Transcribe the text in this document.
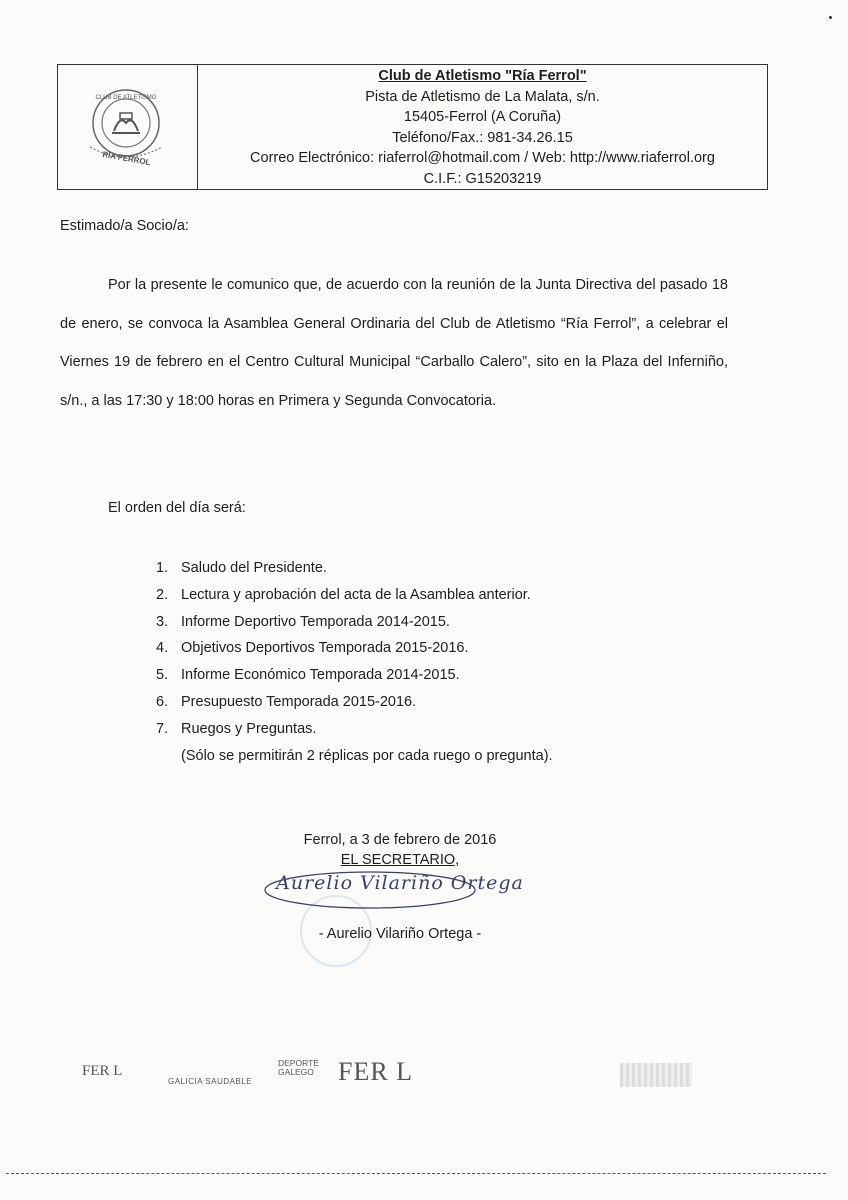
CLUB DE ATLETISMO
RIA FERROL
Club de Atletismo "Ría Ferrol"
Pista de Atletismo de La Malata, s/n.
15405-Ferrol (A Coruña)
Teléfono/Fax.: 981-34.26.15
Correo Electrónico: riaferrol@hotmail.com / Web: http://www.riaferrol.org
C.I.F.: G15203219
Estimado/a Socio/a:

Por la presente le comunico que, de acuerdo con la reunión de la Junta Directiva del pasado 18 de enero, se convoca la Asamblea General Ordinaria del Club de Atletismo “Ría Ferrol”, a celebrar el Viernes 19 de febrero en el Centro Cultural Municipal “Carballo Calero”, sito en la Plaza del Inferniño, s/n., a las 17:30 y 18:00 horas en Primera y Segunda Convocatoria.

El orden del día será:
1. Saludo del Presidente.
2. Lectura y aprobación del acta de la Asamblea anterior.
3. Informe Deportivo Temporada 2014-2015.
4. Objetivos Deportivos Temporada 2015-2016.
5. Informe Económico Temporada 2014-2015.
6. Presupuesto Temporada 2015-2016.
7. Ruegos y Preguntas.
(Sólo se permitirán 2 réplicas por cada ruego o pregunta).
Ferrol, a 3 de febrero de 2016
EL SECRETARIO,
Aurelio Vilariño Ortega
- Aurelio Vilariño Ortega -
FER L
GALICIA SAUDABLE
DEPORTE
GALEGO FER L
